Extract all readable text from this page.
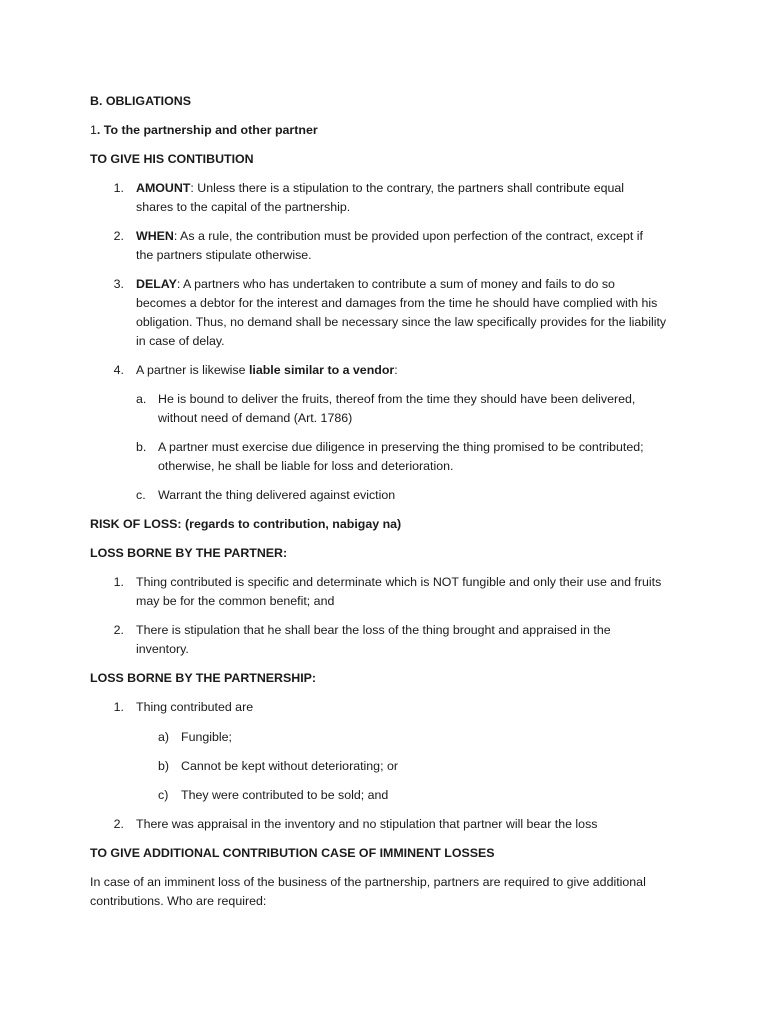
B. OBLIGATIONS
1. To the partnership and other partner
TO GIVE HIS CONTIBUTION
1. AMOUNT: Unless there is a stipulation to the contrary, the partners shall contribute equal
shares to the capital of the partnership.
2. WHEN: As a rule, the contribution must be provided upon perfection of the contract, except if
the partners stipulate otherwise.
3. DELAY: A partners who has undertaken to contribute a sum of money and fails to do so
becomes a debtor for the interest and damages from the time he should have complied with his
obligation. Thus, no demand shall be necessary since the law specifically provides for the liability
in case of delay.
4. A partner is likewise liable similar to a vendor:
a. He is bound to deliver the fruits, thereof from the time they should have been delivered,
without need of demand (Art. 1786)
b. A partner must exercise due diligence in preserving the thing promised to be contributed;
otherwise, he shall be liable for loss and deterioration.
c. Warrant the thing delivered against eviction
RISK OF LOSS: (regards to contribution, nabigay na)
LOSS BORNE BY THE PARTNER:
1. Thing contributed is specific and determinate which is NOT fungible and only their use and fruits
may be for the common benefit; and
2. There is stipulation that he shall bear the loss of the thing brought and appraised in the
inventory.
LOSS BORNE BY THE PARTNERSHIP:
1. Thing contributed are
a) Fungible;
b) Cannot be kept without deteriorating; or
c) They were contributed to be sold; and
2. There was appraisal in the inventory and no stipulation that partner will bear the loss
TO GIVE ADDITIONAL CONTRIBUTION CASE OF IMMINENT LOSSES
In case of an imminent loss of the business of the partnership, partners are required to give additional
contributions. Who are required:
